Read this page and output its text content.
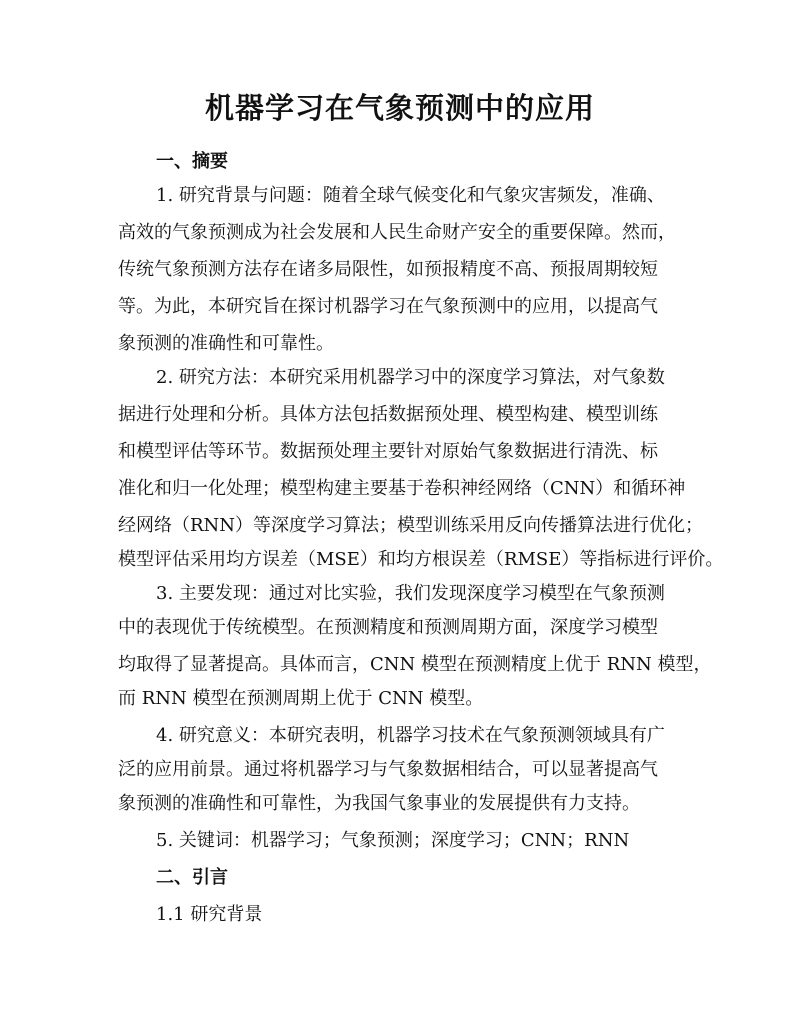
机器学习在气象预测中的应用
一、摘要
1. 研究背景与问题：随着全球气候变化和气象灾害频发，准确、
高效的气象预测成为社会发展和人民生命财产安全的重要保障。然而，
传统气象预测方法存在诸多局限性，如预报精度不高、预报周期较短
等。为此，本研究旨在探讨机器学习在气象预测中的应用，以提高气
象预测的准确性和可靠性。
2. 研究方法：本研究采用机器学习中的深度学习算法，对气象数
据进行处理和分析。具体方法包括数据预处理、模型构建、模型训练
和模型评估等环节。数据预处理主要针对原始气象数据进行清洗、标
准化和归一化处理；模型构建主要基于卷积神经网络（CNN）和循环神
经网络（RNN）等深度学习算法；模型训练采用反向传播算法进行优化；
模型评估采用均方误差（MSE）和均方根误差（RMSE）等指标进行评价。
3. 主要发现：通过对比实验，我们发现深度学习模型在气象预测
中的表现优于传统模型。在预测精度和预测周期方面，深度学习模型
均取得了显著提高。具体而言，CNN 模型在预测精度上优于 RNN 模型，
而 RNN 模型在预测周期上优于 CNN 模型。
4. 研究意义：本研究表明，机器学习技术在气象预测领域具有广
泛的应用前景。通过将机器学习与气象数据相结合，可以显著提高气
象预测的准确性和可靠性，为我国气象事业的发展提供有力支持。
5. 关键词：机器学习；气象预测；深度学习；CNN；RNN
二、引言
1.1 研究背景
